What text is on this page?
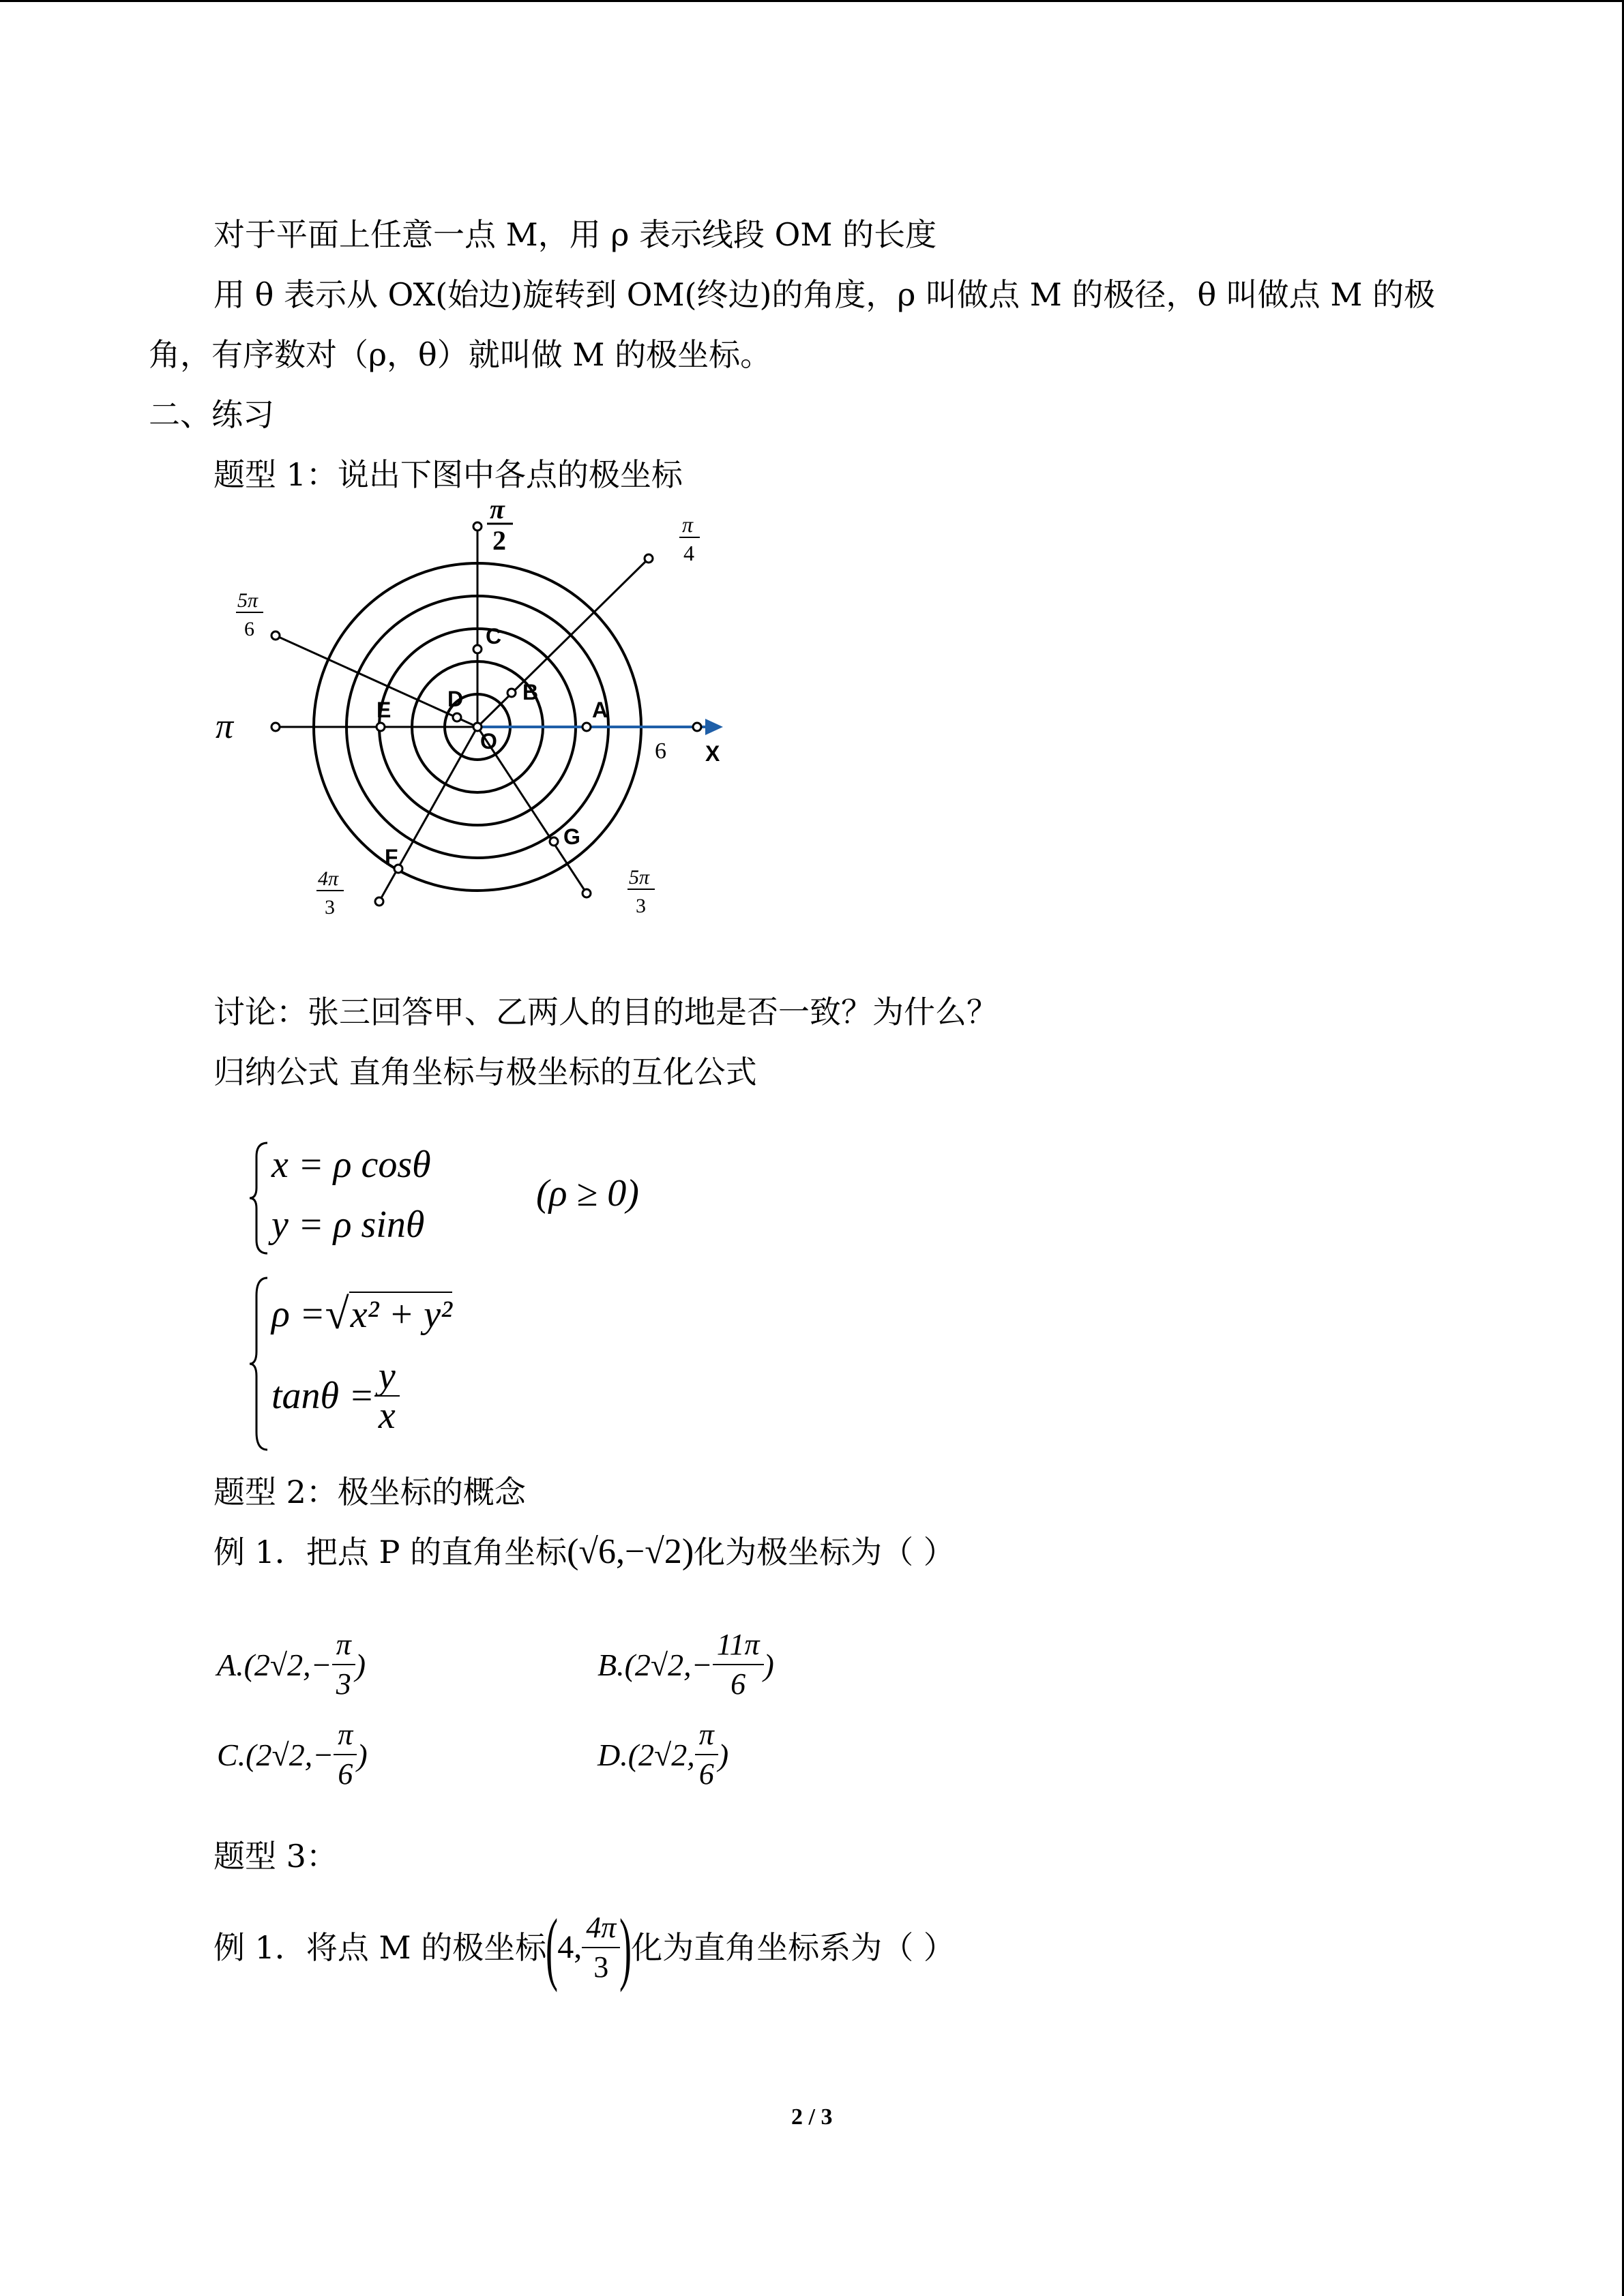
对于平面上任意一点 M，用 ρ 表示线段 OM 的长度
用 θ 表示从 OX(始边)旋转到 OM(终边)的角度，ρ 叫做点 M 的极径，θ 叫做点 M 的极
角，有序数对（ρ，θ）就叫做 M 的极坐标。
二、练习
题型 1：说出下图中各点的极坐标
A
B
C
D
E
F
G
O	X
6
π
2
π
4
5π
6
π
4π
3
5π
3
讨论：张三回答甲、乙两人的目的地是否一致？为什么？
归纳公式 直角坐标与极坐标的互化公式
x = ρ cosθ
y = ρ sinθ
(ρ ≥ 0)
ρ = √ x² + y²
$\tan\theta = \frac{y}{x}$
题型 2：极坐标的概念
例 1．把点 P 的直角坐标 (√6,−√2) 化为极坐标为（ ）
$A.(2√2,- \frac{\pi}{3}$ )	$B.(2√2,- \frac{11\pi}{6}$ )
$C.(2√2,- \frac{\pi}{6}$ )	D.(2√2, $\frac{\pi}{6}$ )
题型 3：
例 1．将点 M 的极坐标
(
4, $\frac{4\pi}{3}$
)
化为直角坐标系为（ ）
2 / 3
